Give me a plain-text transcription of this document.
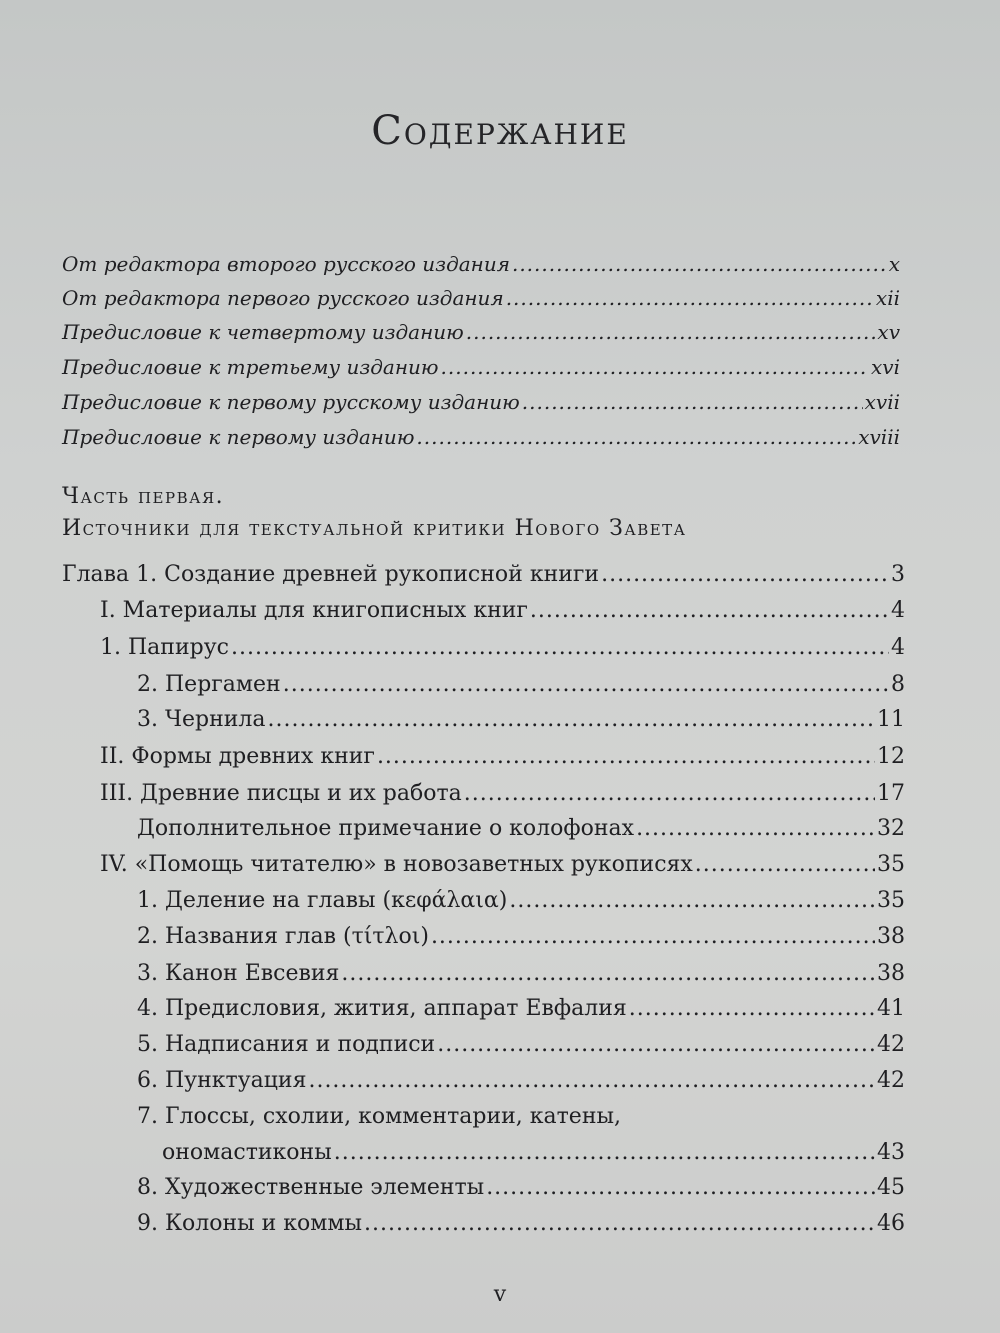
Содержание
От редактора второго русского издания .....	x
От редактора первого русского издания .....	xii
Предисловие к четвертому изданию .....	xv
Предисловие к третьему изданию .....	xvi
Предисловие к первому русскому изданию .....	xvii
Предисловие к первому изданию .....	xviii
Часть первая.
Источники для текстуальной критики Нового Завета
Глава 1. Создание древней рукописной книги .....	3
I. Материалы для книгописных книг .....	4
1. Папирус .....	4
2. Пергамен .....	8
3. Чернила .....	11
II. Формы древних книг .....	12
III. Древние писцы и их работа .....	17
Дополнительное примечание о колофонах .....	32
IV. «Помощь читателю» в новозаветных рукописях .....	35
1. Деление на главы (κεφάλαια) .....	35
2. Названия глав (τίτλοι) .....	38
3. Канон Евсевия .....	38
4. Предисловия, жития, аппарат Евфалия .....	41
5. Надписания и подписи .....	42
6. Пунктуация .....	42
7. Глоссы, схолии, комментарии, катены,
ономастиконы .....	43
8. Художественные элементы .....	45
9. Колоны и коммы .....	46
v
